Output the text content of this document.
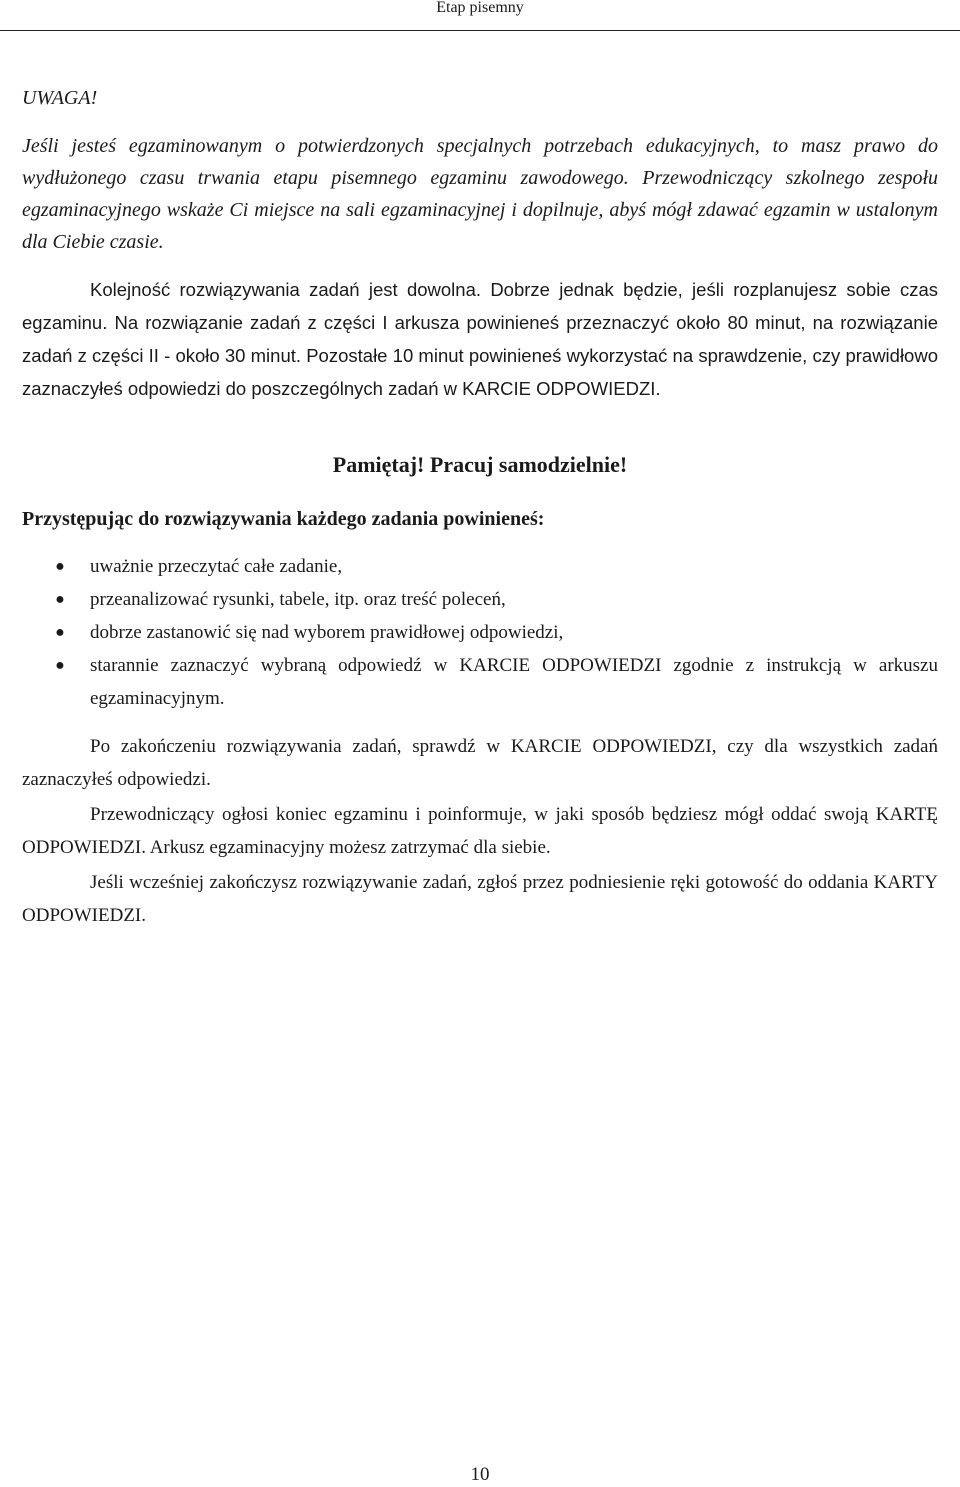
Etap pisemny

UWAGA!

Jeśli jesteś egzaminowanym o potwierdzonych specjalnych potrzebach edukacyjnych, to masz prawo do wydłużonego czasu trwania etapu pisemnego egzaminu zawodowego. Przewodniczący szkolnego zespołu egzaminacyjnego wskaże Ci miejsce na sali egzaminacyjnej i dopilnuje, abyś mógł zdawać egzamin w ustalonym dla Ciebie czasie.

Kolejność rozwiązywania zadań jest dowolna. Dobrze jednak będzie, jeśli rozplanujesz sobie czas egzaminu. Na rozwiązanie zadań z części I arkusza powinieneś przeznaczyć około 80 minut, na rozwiązanie zadań z części II - około 30 minut. Pozostałe 10 minut powinieneś wykorzystać na sprawdzenie, czy prawidłowo zaznaczyłeś odpowiedzi do poszczególnych zadań w KARCIE ODPOWIEDZI.

Pamiętaj! Pracuj samodzielnie!

Przystępując do rozwiązywania każdego zadania powinieneś:

● uważnie przeczytać całe zadanie,
● przeanalizować rysunki, tabele, itp. oraz treść poleceń,
● dobrze zastanowić się nad wyborem prawidłowej odpowiedzi,
● starannie zaznaczyć wybraną odpowiedź w KARCIE ODPOWIEDZI zgodnie z instrukcją w arkuszu egzaminacyjnym.

Po zakończeniu rozwiązywania zadań, sprawdź w KARCIE ODPOWIEDZI, czy dla wszystkich zadań zaznaczyłeś odpowiedzi.

Przewodniczący ogłosi koniec egzaminu i poinformuje, w jaki sposób będziesz mógł oddać swoją KARTĘ ODPOWIEDZI. Arkusz egzaminacyjny możesz zatrzymać dla siebie.

Jeśli wcześniej zakończysz rozwiązywanie zadań, zgłoś przez podniesienie ręki gotowość do oddania KARTY ODPOWIEDZI.

10
